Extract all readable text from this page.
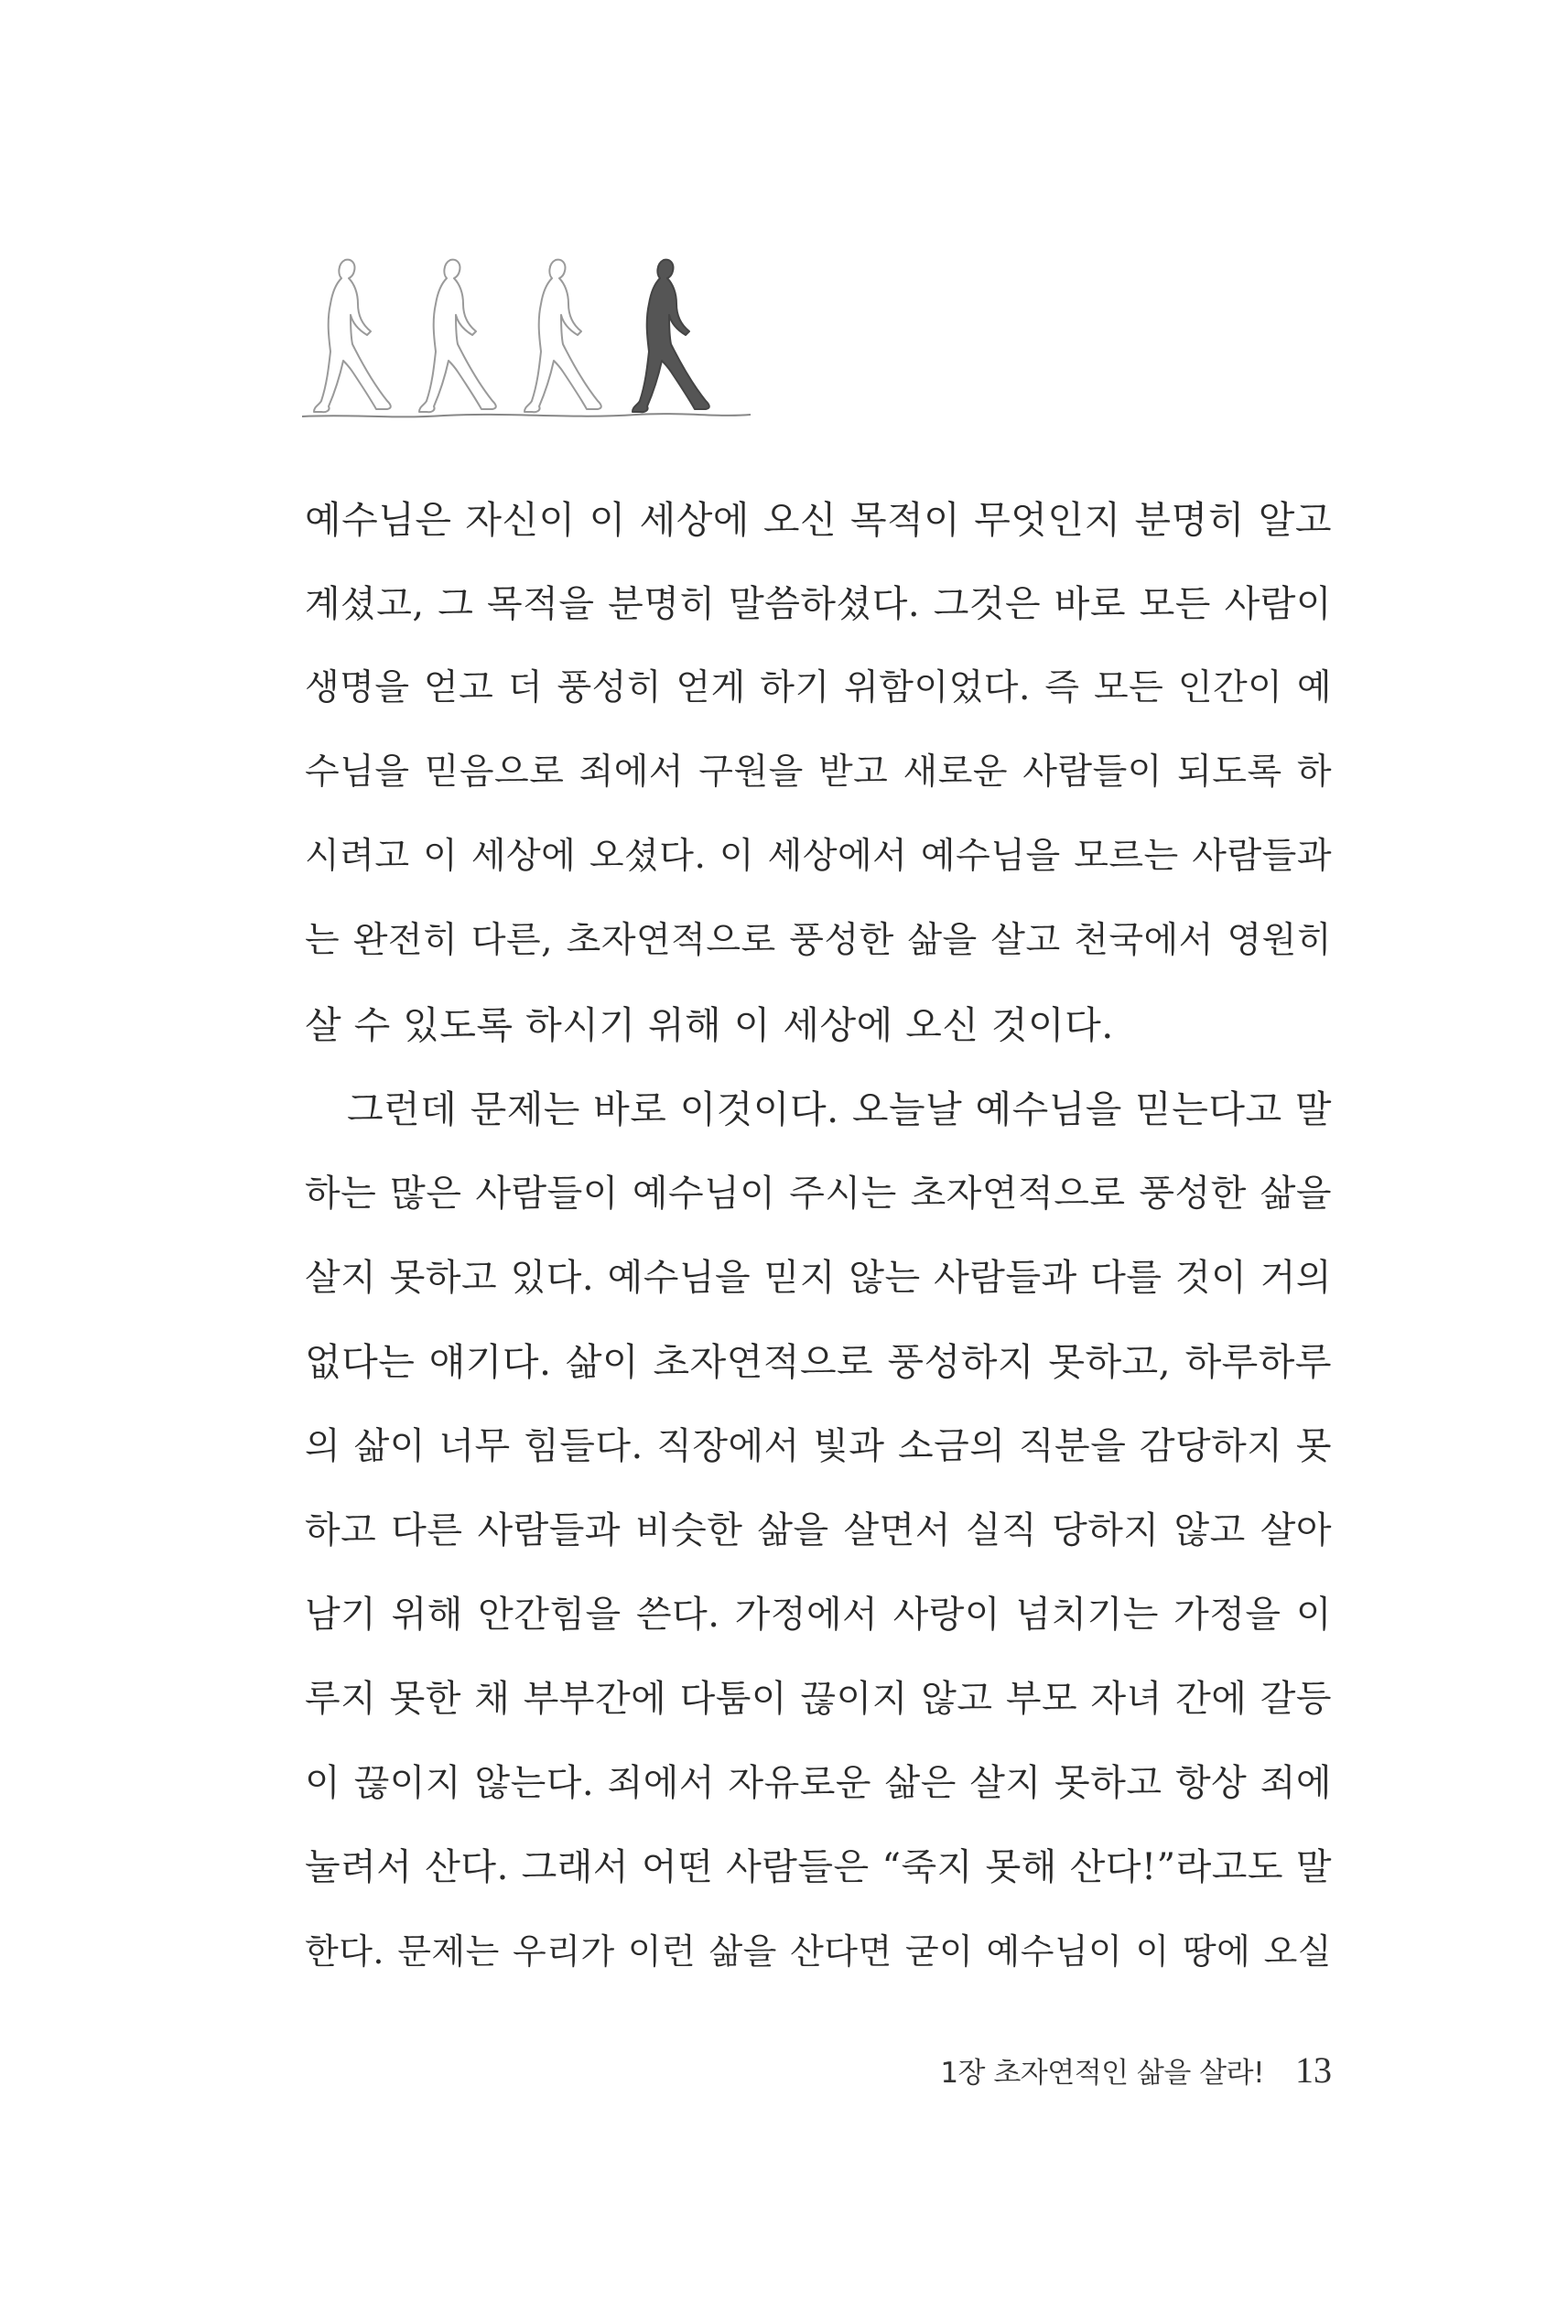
예수님은 자신이 이 세상에 오신 목적이 무엇인지 분명히 알고
계셨고, 그 목적을 분명히 말씀하셨다. 그것은 바로 모든 사람이
생명을 얻고 더 풍성히 얻게 하기 위함이었다. 즉 모든 인간이 예
수님을 믿음으로 죄에서 구원을 받고 새로운 사람들이 되도록 하
시려고 이 세상에 오셨다. 이 세상에서 예수님을 모르는 사람들과
는 완전히 다른, 초자연적으로 풍성한 삶을 살고 천국에서 영원히
살 수 있도록 하시기 위해 이 세상에 오신 것이다.
그런데 문제는 바로 이것이다. 오늘날 예수님을 믿는다고 말
하는 많은 사람들이 예수님이 주시는 초자연적으로 풍성한 삶을
살지 못하고 있다. 예수님을 믿지 않는 사람들과 다를 것이 거의
없다는 얘기다. 삶이 초자연적으로 풍성하지 못하고, 하루하루
의 삶이 너무 힘들다. 직장에서 빛과 소금의 직분을 감당하지 못
하고 다른 사람들과 비슷한 삶을 살면서 실직 당하지 않고 살아
남기 위해 안간힘을 쓴다. 가정에서 사랑이 넘치기는 가정을 이
루지 못한 채 부부간에 다툼이 끊이지 않고 부모 자녀 간에 갈등
이 끊이지 않는다. 죄에서 자유로운 삶은 살지 못하고 항상 죄에
눌려서 산다. 그래서 어떤 사람들은 “죽지 못해 산다!”라고도 말
한다. 문제는 우리가 이런 삶을 산다면 굳이 예수님이 이 땅에 오실
1장 초자연적인 삶을 살라! 13
